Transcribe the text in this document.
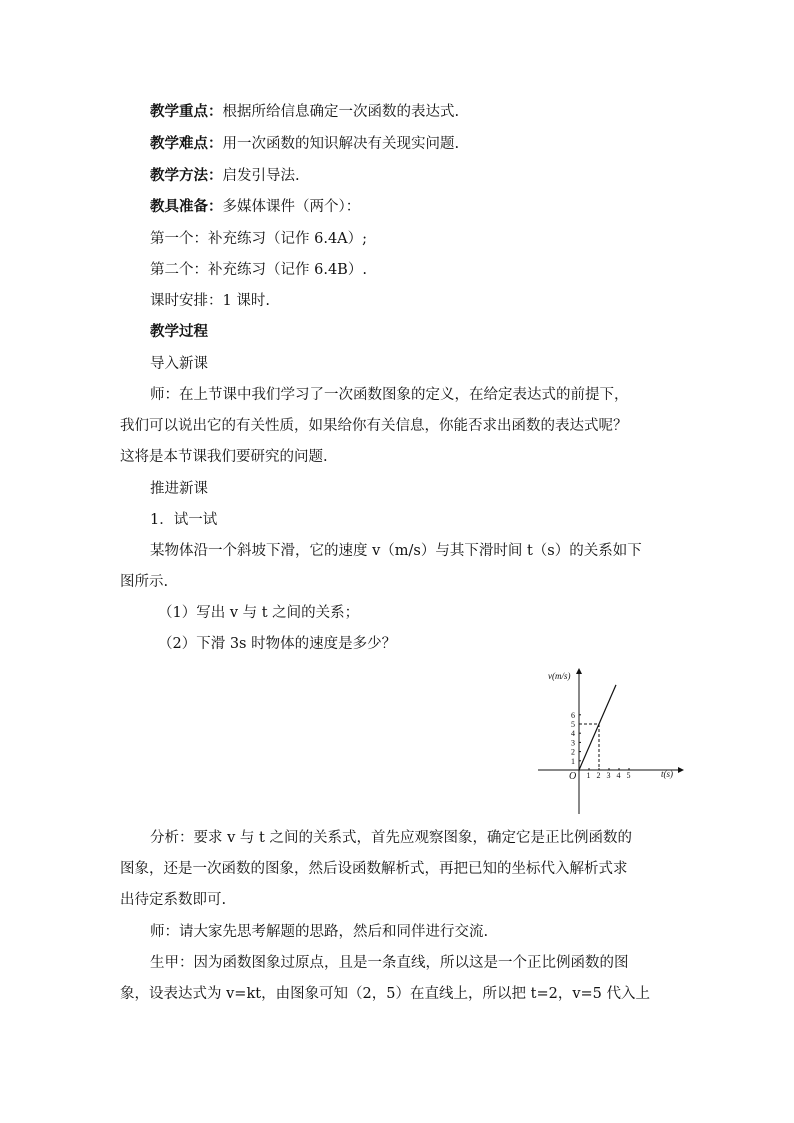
教学重点：根据所给信息确定一次函数的表达式.
教学难点：用一次函数的知识解决有关现实问题.
教学方法：启发引导法.
教具准备：多媒体课件（两个）：
第一个：补充练习（记作 6.4A）;
第二个：补充练习（记作 6.4B）.
课时安排：1 课时.
教学过程
导入新课
师：在上节课中我们学习了一次函数图象的定义，在给定表达式的前提下，
我们可以说出它的有关性质，如果给你有关信息，你能否求出函数的表达式呢？
这将是本节课我们要研究的问题.
推进新课
1．试一试
某物体沿一个斜坡下滑，它的速度 v（m/s）与其下滑时间 t（s）的关系如下
图所示.
（1）写出 v 与 t 之间的关系；
（2）下滑 3s 时物体的速度是多少？
1 2 3 4 5
1
2
3
4
5
6
v(m/s)
t(s)
O
分析：要求 v 与 t 之间的关系式，首先应观察图象，确定它是正比例函数的
图象，还是一次函数的图象，然后设函数解析式，再把已知的坐标代入解析式求
出待定系数即可.
师：请大家先思考解题的思路，然后和同伴进行交流.
生甲：因为函数图象过原点，且是一条直线，所以这是一个正比例函数的图
象，设表达式为 v=kt，由图象可知（2，5）在直线上，所以把 t=2，v=5 代入上
